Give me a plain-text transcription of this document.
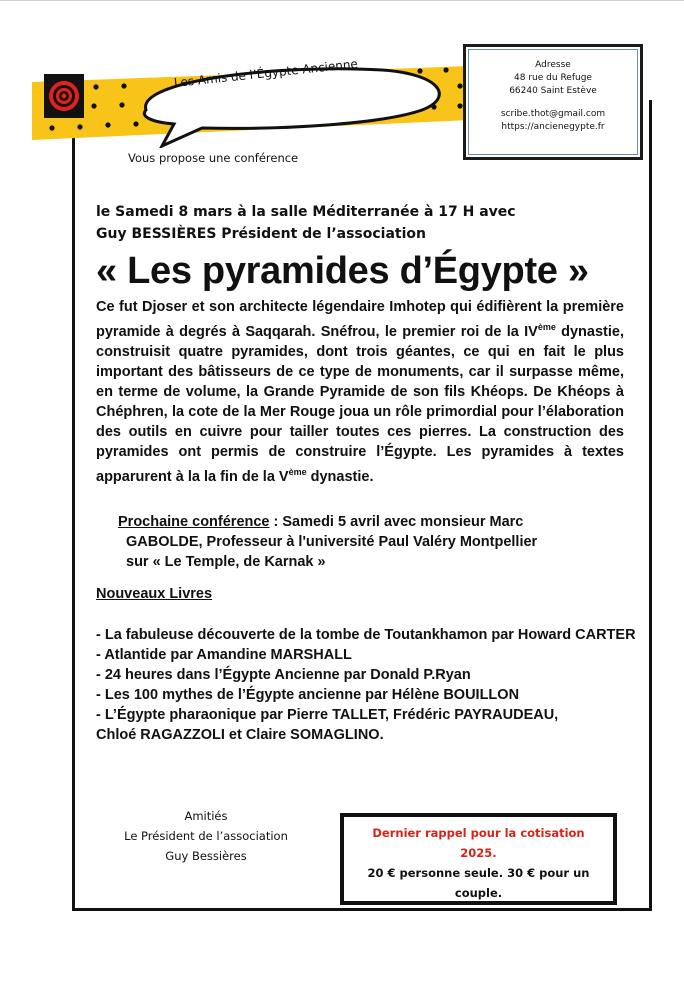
Les Amis de l’Égypte Ancienne	Adresse
48 rue du Refuge
66240 Saint Estève
scribe.thot@gmail.com
https://ancienegypte.fr
Vous propose une conférence
le Samedi 8 mars à la salle Méditerranée à 17 H avec
Guy BESSIÈRES Président de l’association
« Les pyramides d’Égypte »
Ce fut Djoser et son architecte légendaire Imhotep qui édifièrent la première pyramide à degrés à Saqqarah. Snéfrou, le premier roi de la IVème dynastie, construisit quatre pyramides, dont trois géantes, ce qui en fait le plus important des bâtisseurs de ce type de monuments, car il surpasse même, en terme de volume, la Grande Pyramide de son fils Khéops. De Khéops à Chéphren, la cote de la Mer Rouge joua un rôle primordial pour l’élaboration des outils en cuivre pour tailler toutes ces pierres. La construction des pyramides ont permis de construire l’Égypte. Les pyramides à textes apparurent à la la fin de la Vème dynastie.
Prochaine conférence : Samedi 5 avril avec monsieur Marc
GABOLDE, Professeur à l'université Paul Valéry Montpellier
sur « Le Temple, de Karnak »
Nouveaux Livres
- La fabuleuse découverte de la tombe de Toutankhamon par Howard CARTER
- Atlantide par Amandine MARSHALL
- 24 heures dans l’Égypte Ancienne par Donald P.Ryan
- Les 100 mythes de l’Égypte ancienne par Hélène BOUILLON
- L’Égypte pharaonique par Pierre TALLET, Frédéric PAYRAUDEAU,
Chloé RAGAZZOLI et Claire SOMAGLINO.
Amitiés
Le Président de l’association
Guy Bessières
Dernier rappel pour la cotisation
2025.
20 € personne seule. 30 € pour un
couple.
